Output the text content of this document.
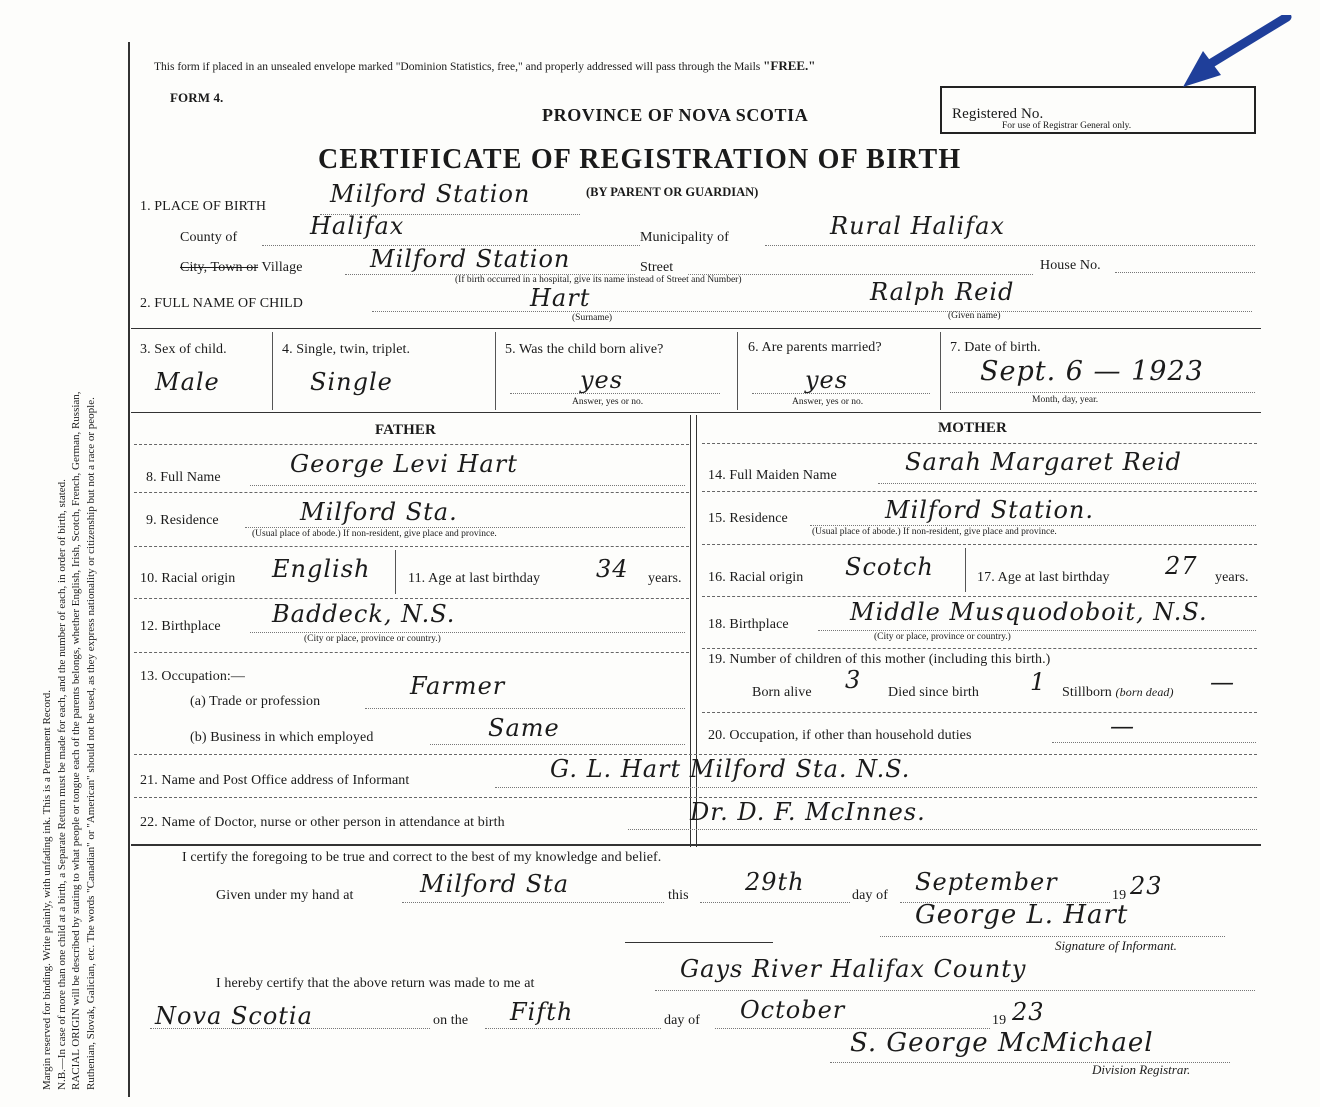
Margin reserved for binding. Write plainly, with unfading ink. This is a Permanent Record. N.B.—In case of more than one child at a birth, a Separate Return must be made for each, and the number of each, in order of birth, stated. RACIAL ORIGIN will be described by stating to what people or tongue each of the parents belongs, whether English, Irish, Scotch, French, German, Russian, Ruthenian, Slovak, Galician, etc. The words "Canadian" or "American" should not be used, as they express nationality or citizenship but not a race or people.
This form if placed in an unsealed envelope marked "Dominion Statistics, free," and properly addressed will pass through the Mails "FREE."
FORM 4.
PROVINCE OF NOVA SCOTIA
CERTIFICATE OF REGISTRATION OF BIRTH
(BY PARENT OR GUARDIAN)
Registered No.
For use of Registrar General only.
1. PLACE OF BIRTH	Milford Station
County of	Halifax	Municipality of	Rural Halifax
City, Town or Village	Milford Station	Street	House No.
(If birth occurred in a hospital, give its name instead of Street and Number)
2. FULL NAME OF CHILD	Hart	Ralph Reid
(Surname)	(Given name)
3. Sex of child.
Male
4. Single, twin, triplet.
Single
5. Was the child born alive?
yes
Answer, yes or no.
6. Are parents married?
yes
Answer, yes or no.
7. Date of birth.
Sept. 6 — 1923
Month, day, year.
FATHER	MOTHER
8. Full Name	George Levi Hart
9. Residence	Milford Sta.
(Usual place of abode.) If non-resident, give place and province.
10. Racial origin English	11. Age at last birthday 34 years.
12. Birthplace Baddeck, N.S.
(City or place, province or country.)
13. Occupation:—
(a) Trade or profession
Farmer
(b) Business in which employed	Same
14. Full Maiden Name	Sarah Margaret Reid
15. Residence	Milford Station.
(Usual place of abode.) If non-resident, give place and province.
16. Racial origin Scotch	17. Age at last birthday 27 years.
18. Birthplace	Middle Musquodoboit, N.S.
(City or place, province or country.)
19. Number of children of this mother (including this birth.)
Born alive 3 Died since birth 1 Stillborn (born dead) —
20. Occupation, if other than household duties	—
21. Name and Post Office address of Informant	G. L. Hart Milford Sta. N.S.
22. Name of Doctor, nurse or other person in attendance at birth	Dr. D. F. McInnes.
I certify the foregoing to be true and correct to the best of my knowledge and belief.
Given under my hand at	Milford Sta	this 29th	day of September	19 23
George L. Hart
Signature of Informant.
I hereby certify that the above return was made to me at
Gays River Halifax County
Nova Scotia	on the Fifth	day of October	19 23
S. George McMichael
Division Registrar.
